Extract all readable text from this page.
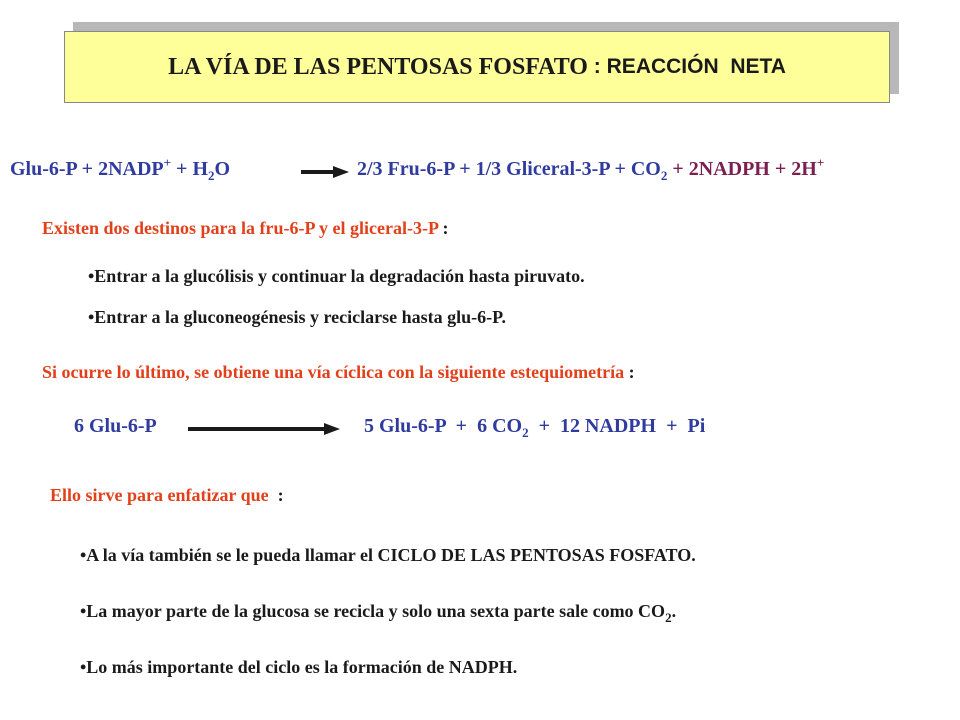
LA VÍA DE LAS PENTOSAS FOSFATO : REACCIÓN  NETA
Glu-6-P + 2NADP+ + $H_2O$	2/3 Fru-6-P + 1/3 Gliceral-3-P + $CO_2$ + 2NADPH + 2H+
Existen dos destinos para la fru-6-P y el gliceral-3-P :
•Entrar a la glucólisis y continuar la degradación hasta piruvato.
•Entrar a la gluconeogénesis y reciclarse hasta glu-6-P.
Si ocurre lo último, se obtiene una vía cíclica con la siguiente estequiometría :
6 Glu-6-P	5 Glu-6-P  +  6 $CO_2 + 12$ NADPH  +  Pi
Ello sirve para enfatizar que  :
•A la vía también se le pueda llamar el CICLO DE LAS PENTOSAS FOSFATO.
•La mayor parte de la glucosa se recicla y solo una sexta parte sale como $CO_2$.
•Lo más importante del ciclo es la formación de NADPH.
